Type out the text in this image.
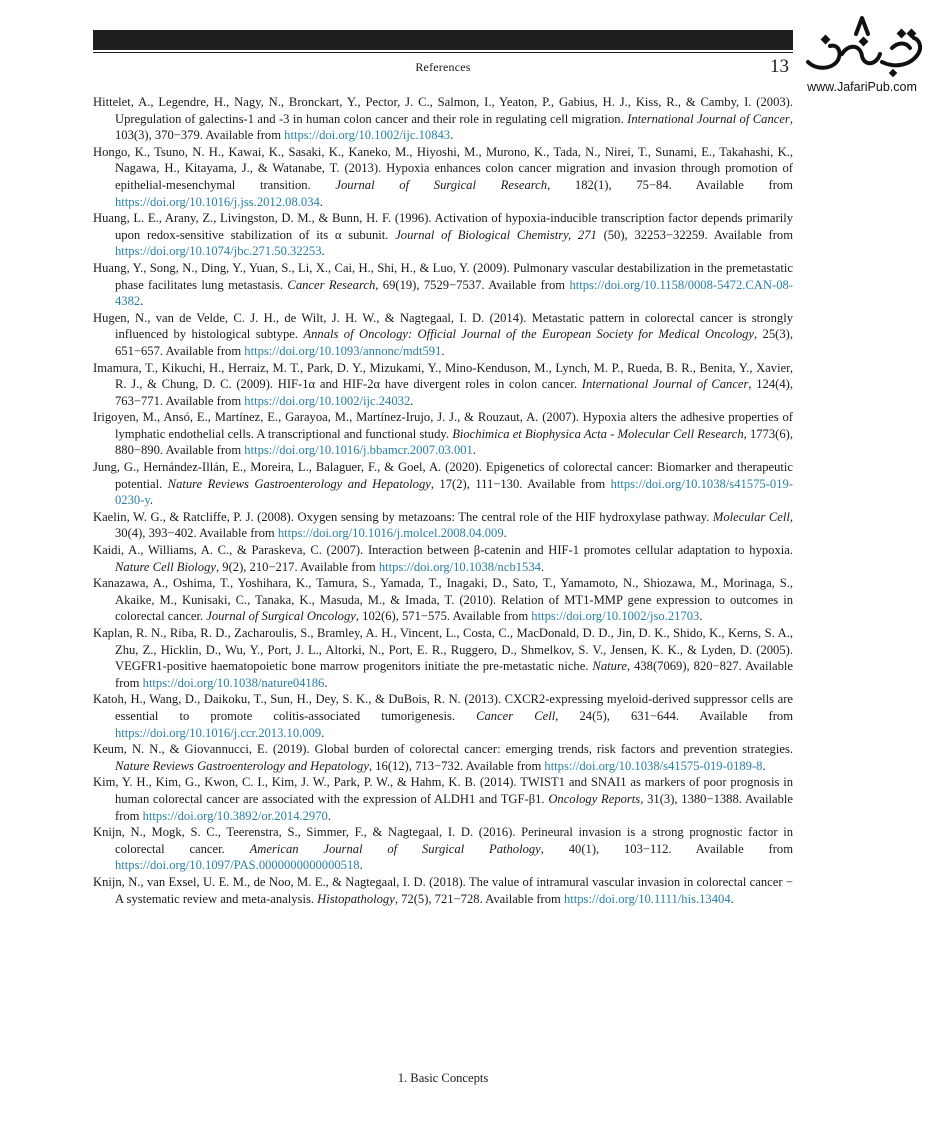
References	13
www.JafariPub.com

Hittelet, A., Legendre, H., Nagy, N., Bronckart, Y., Pector, J. C., Salmon, I., Yeaton, P., Gabius, H. J., Kiss, R., & Camby, I. (2003). Upregulation of galectins-1 and -3 in human colon cancer and their role in regulating cell migration. International Journal of Cancer, 103(3), 370−379. Available from https://doi.org/10.1002/ijc.10843.

Hongo, K., Tsuno, N. H., Kawai, K., Sasaki, K., Kaneko, M., Hiyoshi, M., Murono, K., Tada, N., Nirei, T., Sunami, E., Takahashi, K., Nagawa, H., Kitayama, J., & Watanabe, T. (2013). Hypoxia enhances colon cancer migration and invasion through promotion of epithelial-mesenchymal transition. Journal of Surgical Research, 182(1), 75−84. Available from https://doi.org/10.1016/j.jss.2012.08.034.

Huang, L. E., Arany, Z., Livingston, D. M., & Bunn, H. F. (1996). Activation of hypoxia-inducible transcription factor depends primarily upon redox-sensitive stabilization of its α subunit. Journal of Biological Chemistry, 271 (50), 32253−32259. Available from https://doi.org/10.1074/jbc.271.50.32253.

Huang, Y., Song, N., Ding, Y., Yuan, S., Li, X., Cai, H., Shi, H., & Luo, Y. (2009). Pulmonary vascular destabilization in the premetastatic phase facilitates lung metastasis. Cancer Research, 69(19), 7529−7537. Available from https://doi.org/10.1158/0008-5472.CAN-08-4382.

Hugen, N., van de Velde, C. J. H., de Wilt, J. H. W., & Nagtegaal, I. D. (2014). Metastatic pattern in colorectal cancer is strongly influenced by histological subtype. Annals of Oncology: Official Journal of the European Society for Medical Oncology, 25(3), 651−657. Available from https://doi.org/10.1093/annonc/mdt591.

Imamura, T., Kikuchi, H., Herraiz, M. T., Park, D. Y., Mizukami, Y., Mino-Kenduson, M., Lynch, M. P., Rueda, B. R., Benita, Y., Xavier, R. J., & Chung, D. C. (2009). HIF-1α and HIF-2α have divergent roles in colon cancer. International Journal of Cancer, 124(4), 763−771. Available from https://doi.org/10.1002/ijc.24032.

Irigoyen, M., Ansó, E., Martínez, E., Garayoa, M., Martínez-Irujo, J. J., & Rouzaut, A. (2007). Hypoxia alters the adhesive properties of lymphatic endothelial cells. A transcriptional and functional study. Biochimica et Biophysica Acta - Molecular Cell Research, 1773(6), 880−890. Available from https://doi.org/10.1016/j.bbamcr.2007.03.001.

Jung, G., Hernández-Illán, E., Moreira, L., Balaguer, F., & Goel, A. (2020). Epigenetics of colorectal cancer: Biomarker and therapeutic potential. Nature Reviews Gastroenterology and Hepatology, 17(2), 111−130. Available from https://doi.org/10.1038/s41575-019-0230-y.

Kaelin, W. G., & Ratcliffe, P. J. (2008). Oxygen sensing by metazoans: The central role of the HIF hydroxylase pathway. Molecular Cell, 30(4), 393−402. Available from https://doi.org/10.1016/j.molcel.2008.04.009.

Kaidi, A., Williams, A. C., & Paraskeva, C. (2007). Interaction between β-catenin and HIF-1 promotes cellular adaptation to hypoxia. Nature Cell Biology, 9(2), 210−217. Available from https://doi.org/10.1038/ncb1534.

Kanazawa, A., Oshima, T., Yoshihara, K., Tamura, S., Yamada, T., Inagaki, D., Sato, T., Yamamoto, N., Shiozawa, M., Morinaga, S., Akaike, M., Kunisaki, C., Tanaka, K., Masuda, M., & Imada, T. (2010). Relation of MT1-MMP gene expression to outcomes in colorectal cancer. Journal of Surgical Oncology, 102(6), 571−575. Available from https://doi.org/10.1002/jso.21703.

Kaplan, R. N., Riba, R. D., Zacharoulis, S., Bramley, A. H., Vincent, L., Costa, C., MacDonald, D. D., Jin, D. K., Shido, K., Kerns, S. A., Zhu, Z., Hicklin, D., Wu, Y., Port, J. L., Altorki, N., Port, E. R., Ruggero, D., Shmelkov, S. V., Jensen, K. K., & Lyden, D. (2005). VEGFR1-positive haematopoietic bone marrow progenitors initiate the pre-metastatic niche. Nature, 438(7069), 820−827. Available from https://doi.org/10.1038/nature04186.

Katoh, H., Wang, D., Daikoku, T., Sun, H., Dey, S. K., & DuBois, R. N. (2013). CXCR2-expressing myeloid-derived suppressor cells are essential to promote colitis-associated tumorigenesis. Cancer Cell, 24(5), 631−644. Available from https://doi.org/10.1016/j.ccr.2013.10.009.

Keum, N. N., & Giovannucci, E. (2019). Global burden of colorectal cancer: emerging trends, risk factors and prevention strategies. Nature Reviews Gastroenterology and Hepatology, 16(12), 713−732. Available from https://doi.org/10.1038/s41575-019-0189-8.

Kim, Y. H., Kim, G., Kwon, C. I., Kim, J. W., Park, P. W., & Hahm, K. B. (2014). TWIST1 and SNAI1 as markers of poor prognosis in human colorectal cancer are associated with the expression of ALDH1 and TGF-β1. Oncology Reports, 31(3), 1380−1388. Available from https://doi.org/10.3892/or.2014.2970.

Knijn, N., Mogk, S. C., Teerenstra, S., Simmer, F., & Nagtegaal, I. D. (2016). Perineural invasion is a strong prognostic factor in colorectal cancer. American Journal of Surgical Pathology, 40(1), 103−112. Available from https://doi.org/10.1097/PAS.0000000000000518.

Knijn, N., van Exsel, U. E. M., de Noo, M. E., & Nagtegaal, I. D. (2018). The value of intramural vascular invasion in colorectal cancer − A systematic review and meta-analysis. Histopathology, 72(5), 721−728. Available from https://doi.org/10.1111/his.13404.

1. Basic Concepts
